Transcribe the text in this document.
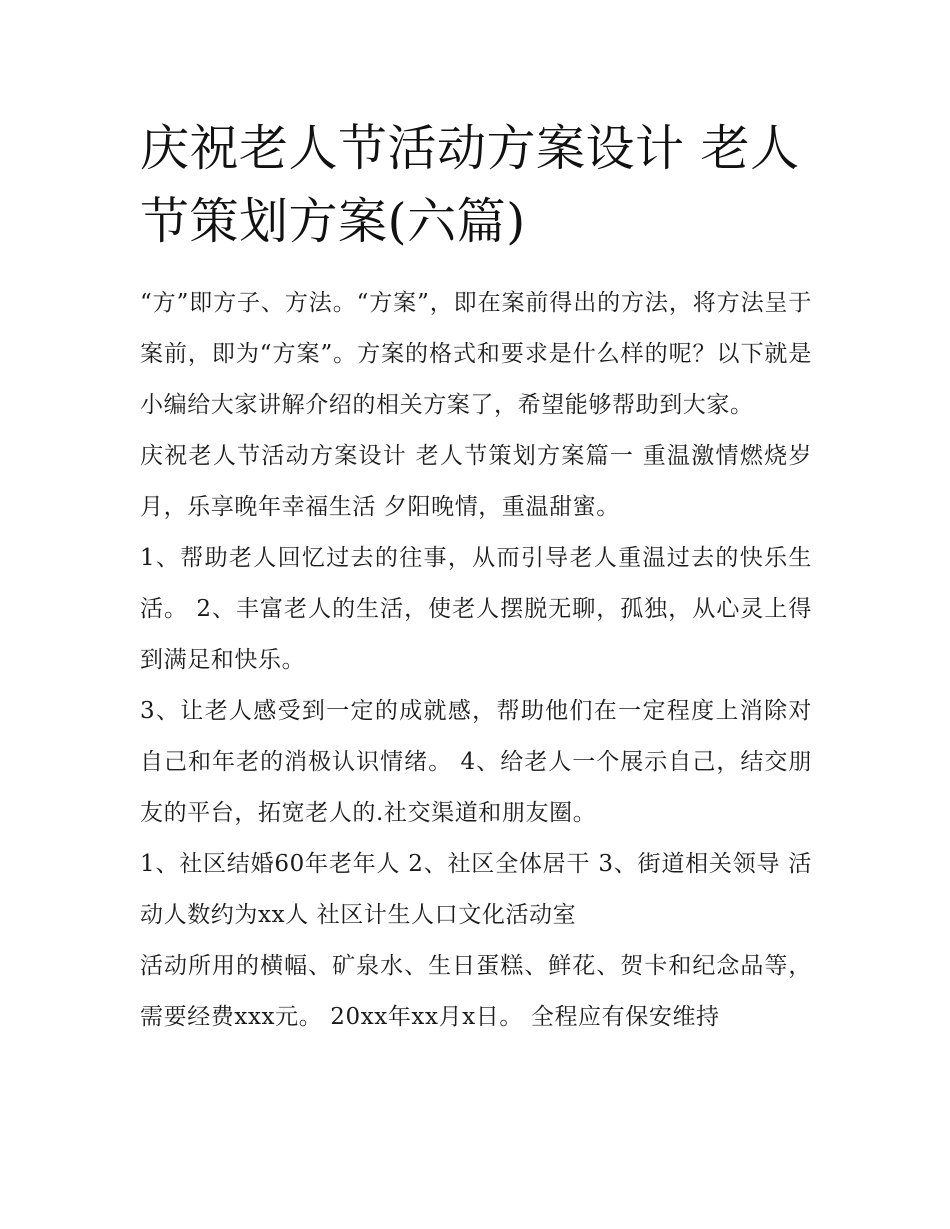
庆祝老人节活动方案设计 老人节策划方案(六篇)

“方”即方子、方法。“方案”，即在案前得出的方法，将方法呈于案前，即为“方案”。方案的格式和要求是什么样的呢？以下就是小编给大家讲解介绍的相关方案了，希望能够帮助到大家。

庆祝老人节活动方案设计 老人节策划方案篇一 重温激情燃烧岁月，乐享晚年幸福生活 夕阳晚情，重温甜蜜。

1、帮助老人回忆过去的往事，从而引导老人重温过去的快乐生活。 2、丰富老人的生活，使老人摆脱无聊，孤独，从心灵上得到满足和快乐。

3、让老人感受到一定的成就感，帮助他们在一定程度上消除对自己和年老的消极认识情绪。 4、给老人一个展示自己，结交朋友的平台，拓宽老人的.社交渠道和朋友圈。

1、社区结婚60年老年人 2、社区全体居干 3、街道相关领导 活动人数约为xx人 社区计生人口文化活动室

活动所用的横幅、矿泉水、生日蛋糕、鲜花、贺卡和纪念品等，需要经费xxx元。 20xx年xx月x日。 全程应有保安维持
